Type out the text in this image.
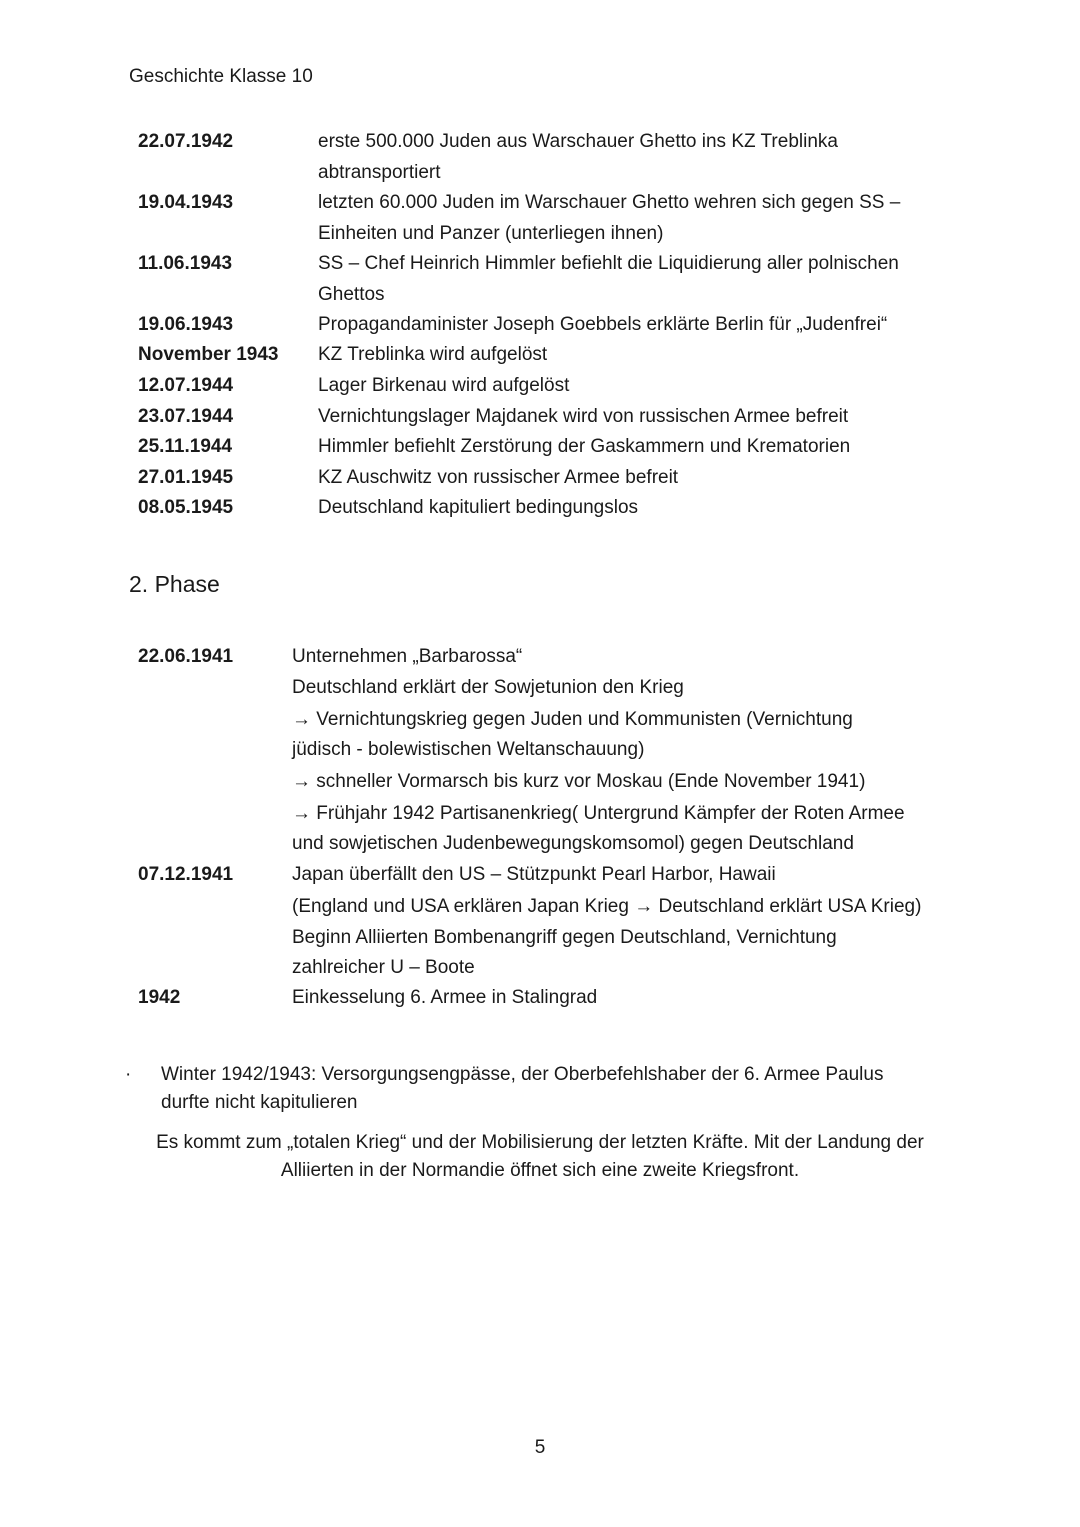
Geschichte Klasse 10
22.07.1942	erste 500.000 Juden aus Warschauer Ghetto ins KZ Treblinka
abtransportiert
19.04.1943	letzten 60.000 Juden im Warschauer Ghetto wehren sich gegen SS –
Einheiten und Panzer (unterliegen ihnen)
11.06.1943	SS – Chef Heinrich Himmler befiehlt die Liquidierung aller polnischen
Ghettos
19.06.1943	Propagandaminister Joseph Goebbels erklärte Berlin für „Judenfrei“
November 1943 KZ Treblinka wird aufgelöst
12.07.1944	Lager Birkenau wird aufgelöst
23.07.1944	Vernichtungslager Majdanek wird von russischen Armee befreit
25.11.1944	Himmler befiehlt Zerstörung der Gaskammern und Krematorien
27.01.1945	KZ Auschwitz von russischer Armee befreit
08.05.1945	Deutschland kapituliert bedingungslos
2. Phase
22.06.1941	Unternehmen „Barbarossa“
Deutschland erklärt der Sowjetunion den Krieg
→ Vernichtungskrieg gegen Juden und Kommunisten (Vernichtung
jüdisch - bolewistischen Weltanschauung)
→ schneller Vormarsch bis kurz vor Moskau (Ende November 1941)
→ Frühjahr 1942 Partisanenkrieg( Untergrund Kämpfer der Roten Armee
und sowjetischen Judenbewegungskomsomol) gegen Deutschland
07.12.1941	Japan überfällt den US – Stützpunkt Pearl Harbor, Hawaii
(England und USA erklären Japan Krieg → Deutschland erklärt USA Krieg)
Beginn Alliierten Bombenangriff gegen Deutschland, Vernichtung
zahlreicher U – Boote
1942	Einkesselung 6. Armee in Stalingrad
· Winter 1942/1943: Versorgungsengpässe, der Oberbefehlshaber der 6. Armee Paulus
durfte nicht kapitulieren
Es kommt zum „totalen Krieg“ und der Mobilisierung der letzten Kräfte. Mit der Landung der
Alliierten in der Normandie öffnet sich eine zweite Kriegsfront.
5
